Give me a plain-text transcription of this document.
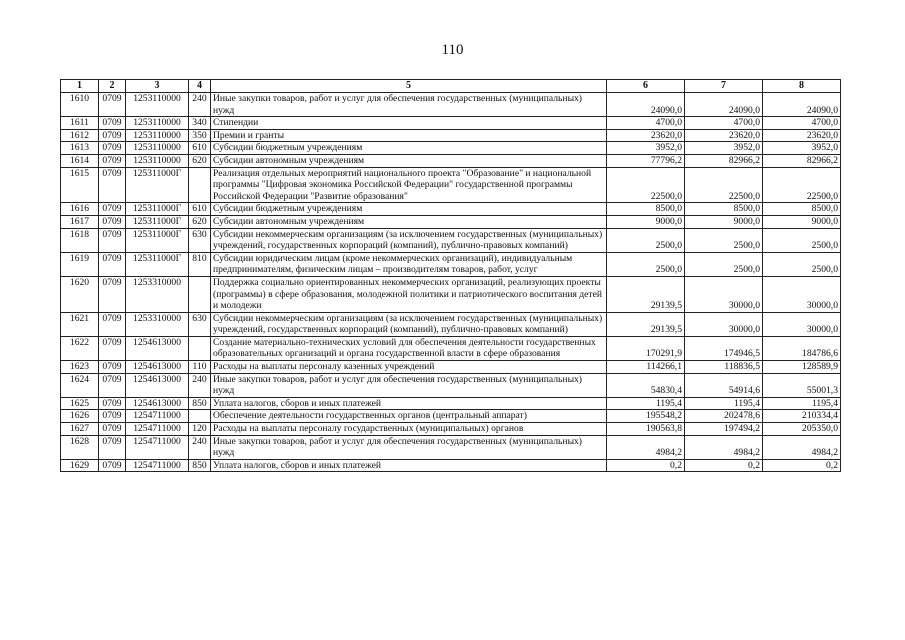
110
1	2	3	4	5	6	7	8
1610	0709	1253110000	240	Иные закупки товаров, работ и услуг для обеспечения государственных (муниципальных) нужд	24090,0	24090,0	24090,0
1611	0709	1253110000	340	Стипендии	4700,0	4700,0	4700,0
1612	0709	1253110000	350	Премии и гранты	23620,0	23620,0	23620,0
1613	0709	1253110000	610	Субсидии бюджетным учреждениям	3952,0	3952,0	3952,0
1614	0709	1253110000	620	Субсидии автономным учреждениям	77796,2	82966,2	82966,2
1615	0709	125311000Г		Реализация отдельных мероприятий национального проекта "Образование" и национальной программы "Цифровая экономика Российской Федерации" государственной программы Российской Федерации "Развитие образования"	22500,0	22500,0	22500,0
1616	0709	125311000Г	610	Субсидии бюджетным учреждениям	8500,0	8500,0	8500,0
1617	0709	125311000Г	620	Субсидии автономным учреждениям	9000,0	9000,0	9000,0
1618	0709	125311000Г	630	Субсидии некоммерческим организациям (за исключением государственных (муниципальных) учреждений, государственных корпораций (компаний), публично-правовых компаний)	2500,0	2500,0	2500,0
1619	0709	125311000Г	810	Субсидии юридическим лицам (кроме некоммерческих организаций), индивидуальным предпринимателям, физическим лицам – производителям товаров, работ, услуг	2500,0	2500,0	2500,0
1620	0709	1253310000		Поддержка социально ориентированных некоммерческих организаций, реализующих проекты (программы) в сфере образования, молодежной политики и патриотического воспитания детей и молодежи	29139,5	30000,0	30000,0
1621	0709	1253310000	630	Субсидии некоммерческим организациям (за исключением государственных (муниципальных) учреждений, государственных корпораций (компаний), публично-правовых компаний)	29139,5	30000,0	30000,0
1622	0709	1254613000		Создание материально-технических условий для обеспечения деятельности государственных образовательных организаций и органа государственной власти в сфере образования	170291,9	174946,5	184786,6
1623	0709	1254613000	110	Расходы на выплаты персоналу казенных учреждений	114266,1	118836,5	128589,9
1624	0709	1254613000	240	Иные закупки товаров, работ и услуг для обеспечения государственных (муниципальных) нужд	54830,4	54914,6	55001,3
1625	0709	1254613000	850	Уплата налогов, сборов и иных платежей	1195,4	1195,4	1195,4
1626	0709	1254711000		Обеспечение деятельности государственных органов (центральный аппарат)	195548,2	202478,6	210334,4
1627	0709	1254711000	120	Расходы на выплаты персоналу государственных (муниципальных) органов	190563,8	197494,2	205350,0
1628	0709	1254711000	240	Иные закупки товаров, работ и услуг для обеспечения государственных (муниципальных) нужд	4984,2	4984,2	4984,2
1629	0709	1254711000	850	Уплата налогов, сборов и иных платежей	0,2	0,2	0,2
